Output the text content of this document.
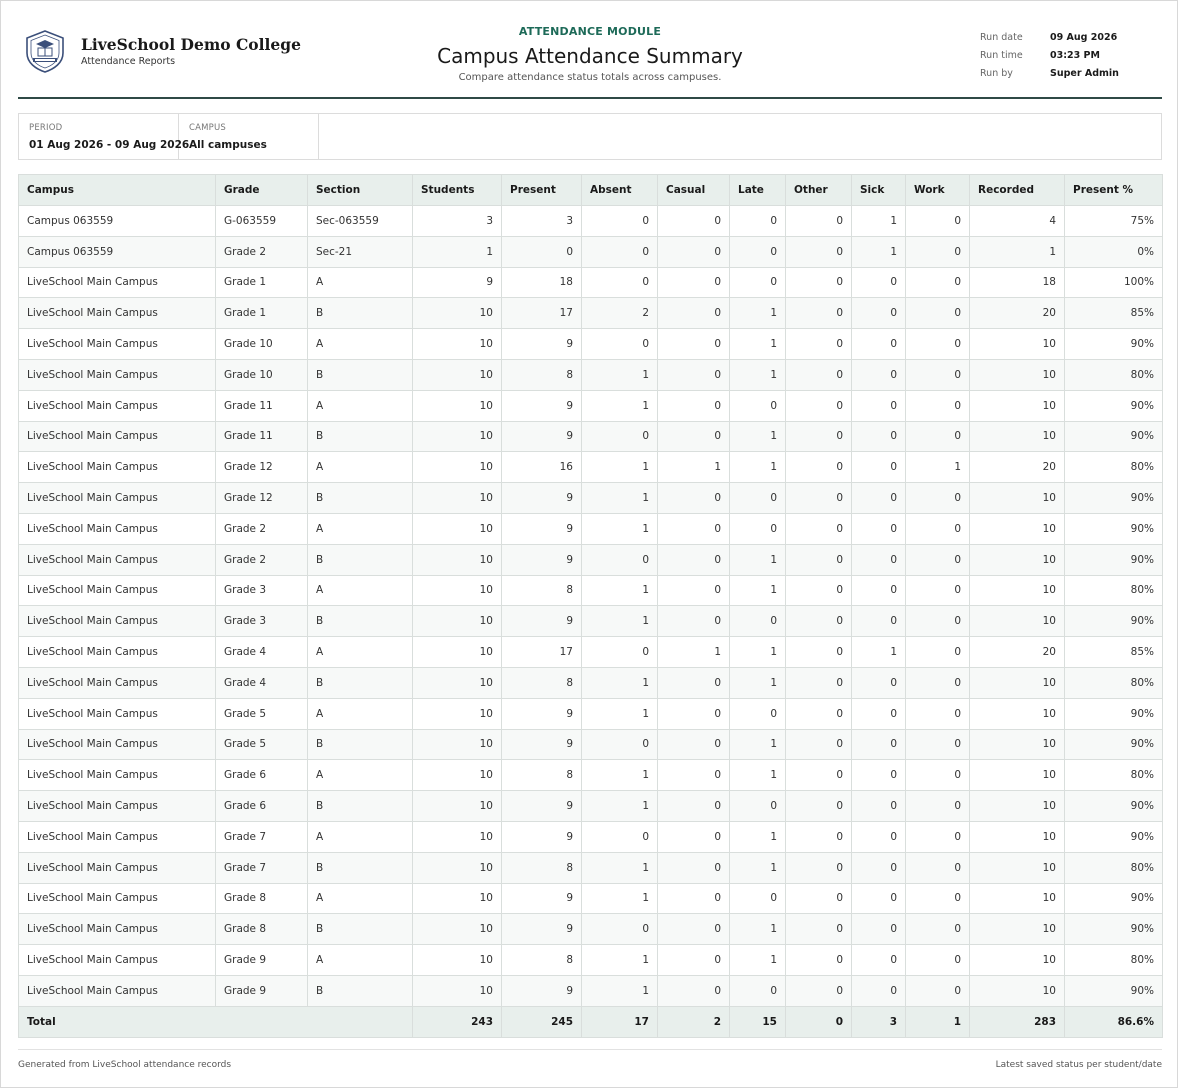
LiveSchool Demo College
Attendance Reports
ATTENDANCE MODULE
Campus Attendance Summary
Compare attendance status totals across campuses.
Run date	09 Aug 2026
Run time	03:23 PM
Run by	Super Admin
PERIOD
01 Aug 2026 - 09 Aug 2026
CAMPUS
All campuses
Campus	Grade	Section	Students	Present	Absent	Casual	Late	Other	Sick	Work	Recorded	Present %
Campus 063559	G-063559	Sec-063559	3	3	0	0	0	0	1	0	4	75%
Campus 063559	Grade 2	Sec-21	1	0	0	0	0	0	1	0	1	0%
LiveSchool Main Campus	Grade 1	A	9	18	0	0	0	0	0	0	18	100%
LiveSchool Main Campus	Grade 1	B	10	17	2	0	1	0	0	0	20	85%
LiveSchool Main Campus	Grade 10	A	10	9	0	0	1	0	0	0	10	90%
LiveSchool Main Campus	Grade 10	B	10	8	1	0	1	0	0	0	10	80%
LiveSchool Main Campus	Grade 11	A	10	9	1	0	0	0	0	0	10	90%
LiveSchool Main Campus	Grade 11	B	10	9	0	0	1	0	0	0	10	90%
LiveSchool Main Campus	Grade 12	A	10	16	1	1	1	0	0	1	20	80%
LiveSchool Main Campus	Grade 12	B	10	9	1	0	0	0	0	0	10	90%
LiveSchool Main Campus	Grade 2	A	10	9	1	0	0	0	0	0	10	90%
LiveSchool Main Campus	Grade 2	B	10	9	0	0	1	0	0	0	10	90%
LiveSchool Main Campus	Grade 3	A	10	8	1	0	1	0	0	0	10	80%
LiveSchool Main Campus	Grade 3	B	10	9	1	0	0	0	0	0	10	90%
LiveSchool Main Campus	Grade 4	A	10	17	0	1	1	0	1	0	20	85%
LiveSchool Main Campus	Grade 4	B	10	8	1	0	1	0	0	0	10	80%
LiveSchool Main Campus	Grade 5	A	10	9	1	0	0	0	0	0	10	90%
LiveSchool Main Campus	Grade 5	B	10	9	0	0	1	0	0	0	10	90%
LiveSchool Main Campus	Grade 6	A	10	8	1	0	1	0	0	0	10	80%
LiveSchool Main Campus	Grade 6	B	10	9	1	0	0	0	0	0	10	90%
LiveSchool Main Campus	Grade 7	A	10	9	0	0	1	0	0	0	10	90%
LiveSchool Main Campus	Grade 7	B	10	8	1	0	1	0	0	0	10	80%
LiveSchool Main Campus	Grade 8	A	10	9	1	0	0	0	0	0	10	90%
LiveSchool Main Campus	Grade 8	B	10	9	0	0	1	0	0	0	10	90%
LiveSchool Main Campus	Grade 9	A	10	8	1	0	1	0	0	0	10	80%
LiveSchool Main Campus	Grade 9	B	10	9	1	0	0	0	0	0	10	90%
Total			243	245	17	2	15	0	3	1	283	86.6%
Generated from LiveSchool attendance records	Latest saved status per student/date
